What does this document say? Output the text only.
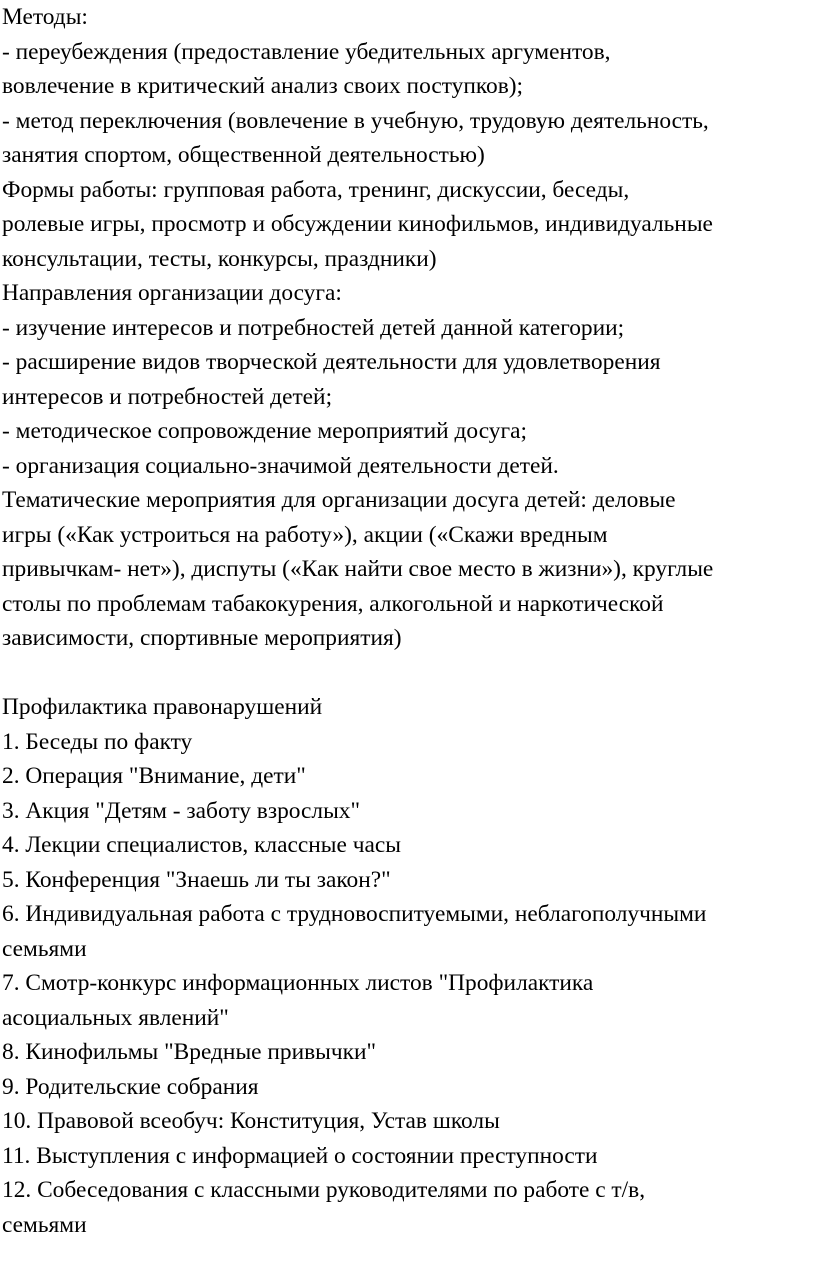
Методы:
- переубеждения (предоставление убедительных аргументов,
вовлечение в критический анализ своих поступков);
- метод переключения (вовлечение в учебную, трудовую деятельность,
занятия спортом, общественной деятельностью)
Формы работы: групповая работа, тренинг, дискуссии, беседы,
ролевые игры, просмотр и обсуждении кинофильмов, индивидуальные
консультации, тесты, конкурсы, праздники)
Направления организации досуга:
- изучение интересов и потребностей детей данной категории;
- расширение видов творческой деятельности для удовлетворения
интересов и потребностей детей;
- методическое сопровождение мероприятий досуга;
- организация социально-значимой деятельности детей.
Тематические мероприятия для организации досуга детей: деловые
игры («Как устроиться на работу»), акции («Скажи вредным
привычкам- нет»), диспуты («Как найти свое место в жизни»), круглые
столы по проблемам табакокурения, алкогольной и наркотической
зависимости, спортивные мероприятия)
Профилактика правонарушений
1. Беседы по факту
2. Операция "Внимание, дети"
3. Акция "Детям - заботу взрослых"
4. Лекции специалистов, классные часы
5. Конференция "Знаешь ли ты закон?"
6. Индивидуальная работа с трудновоспитуемыми, неблагополучными
семьями
7. Смотр-конкурс информационных листов "Профилактика
асоциальных явлений"
8. Кинофильмы "Вредные привычки"
9. Родительские собрания
10. Правовой всеобуч: Конституция, Устав школы
11. Выступления с информацией о состоянии преступности
12. Собеседования с классными руководителями по работе с т/в,
семьями
